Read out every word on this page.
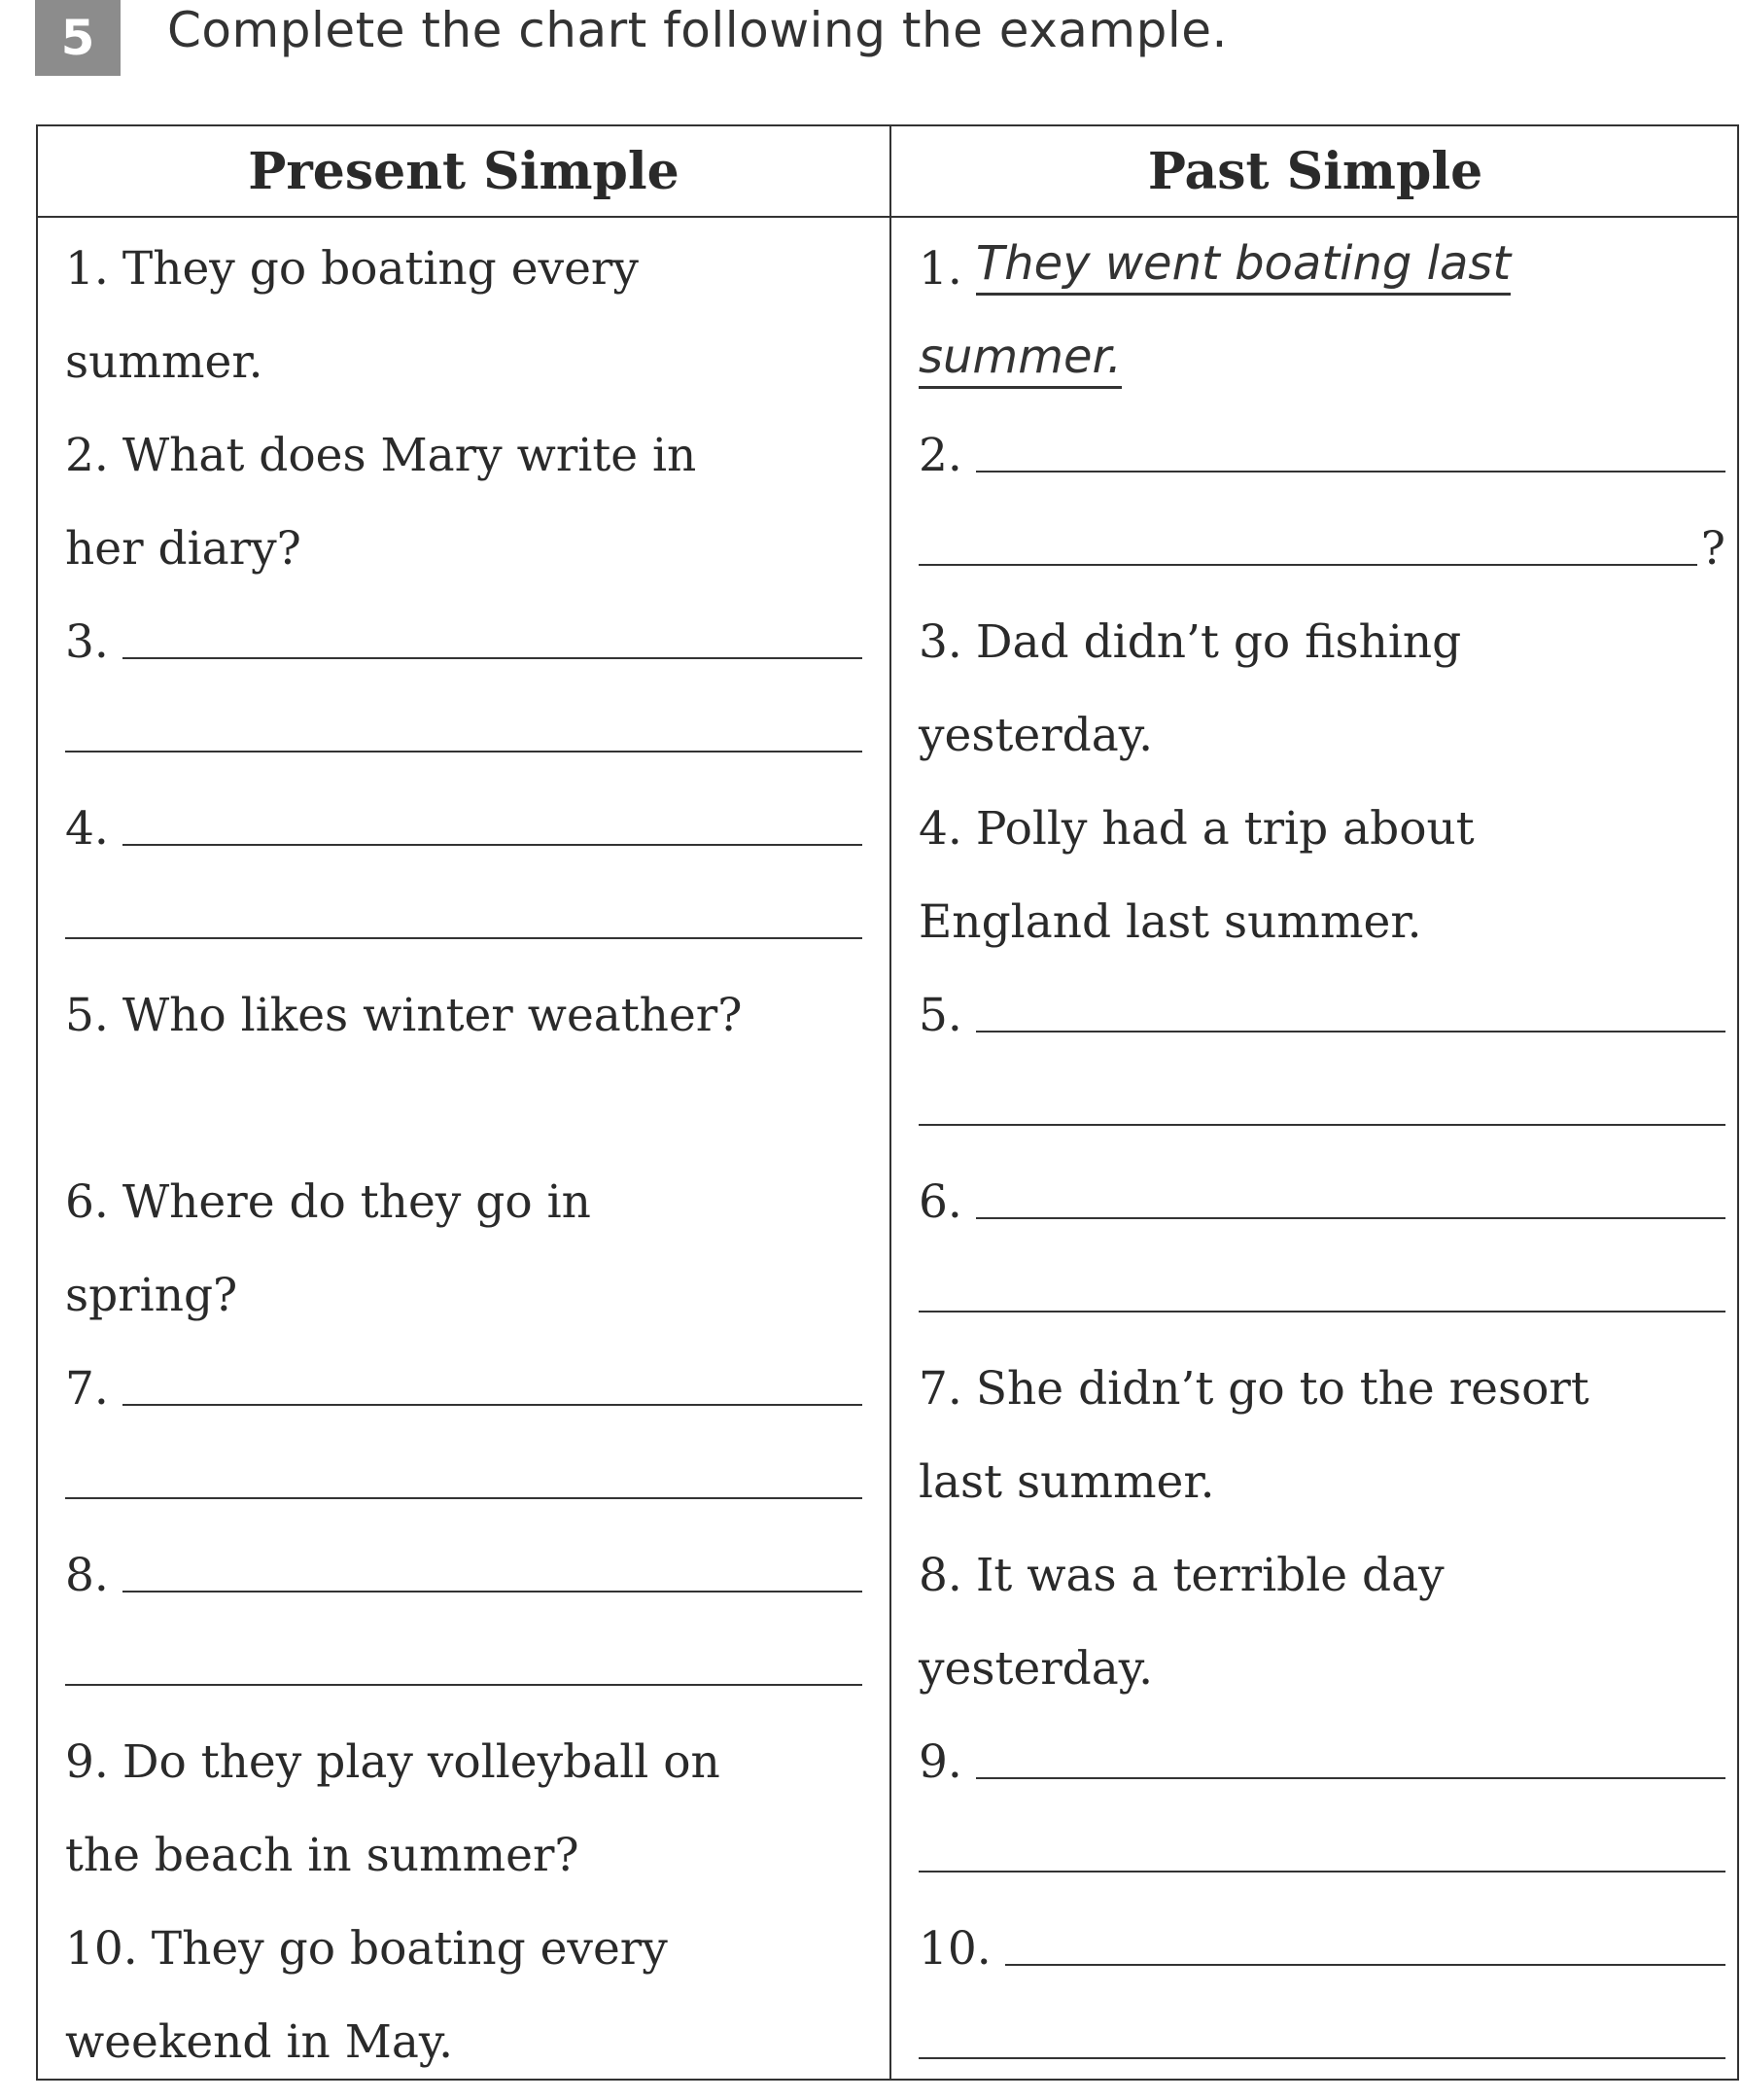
5	Complete the chart following the example.
Present Simple	Past Simple
1. They go boating every
summer.
2. What does Mary write in
her diary?
3.
4.
5. Who likes winter weather?
6. Where do they go in
spring?
7.
8.
9. Do they play volleyball on
the beach in summer?
10. They go boating every
weekend in May.
1. They went boating last
summer.
2.
?
3. Dad didn’t go fishing
yesterday.
4. Polly had a trip about
England last summer.
5.
6.
7. She didn’t go to the resort
last summer.
8. It was a terrible day
yesterday.
9.
10.
